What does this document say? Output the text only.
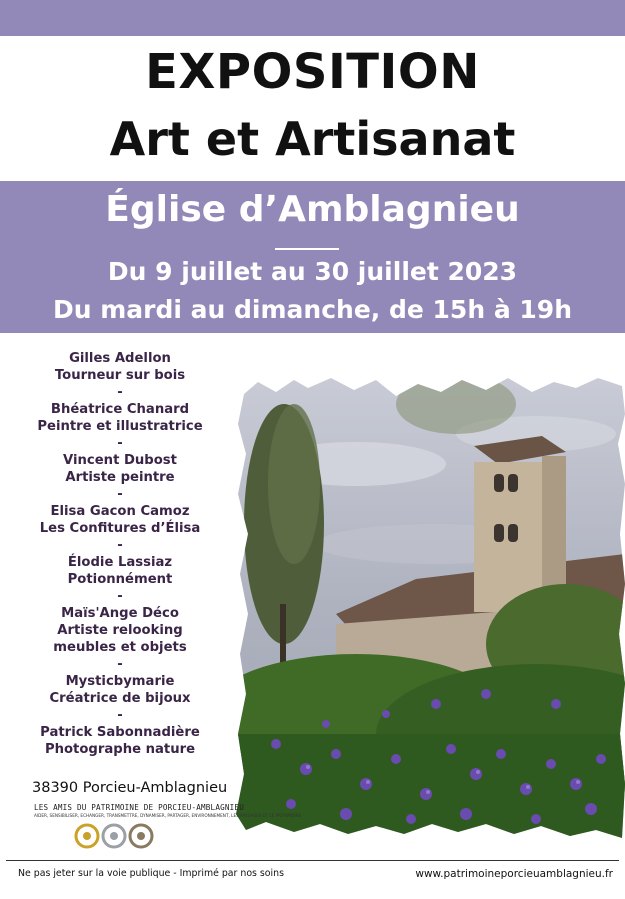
EXPOSITION
Art et Artisanat
Église d’Amblagnieu
Du 9 juillet au 30 juillet 2023
Du mardi au dimanche, de 15h à 19h
Gilles Adellon
Tourneur sur bois
-
Bhéatrice Chanard
Peintre et illustratrice
-
Vincent Dubost
Artiste peintre
-
Elisa Gacon Camoz
Les Confitures d’Élisa
-
Élodie Lassiaz
Potionnément
-
Maïs'Ange Déco
Artiste relooking meubles et objets
-
Mysticbymarie
Créatrice de bijoux
-
Patrick Sabonnadière
Photographe nature
38390 Porcieu-Amblagnieu
LES AMIS DU PATRIMOINE DE PORCIEU-AMBLAGNIEU
AIDER, SENSIBILISER, ECHANGER, TRANSMETTRE, DYNAMISER, PARTAGER, ENVIRONNEMENT, LES PAYSAGES ET LE PATRIMOINE
Ne pas jeter sur la voie publique - Imprimé par nos soins	www.patrimoineporcieuamblagnieu.fr
